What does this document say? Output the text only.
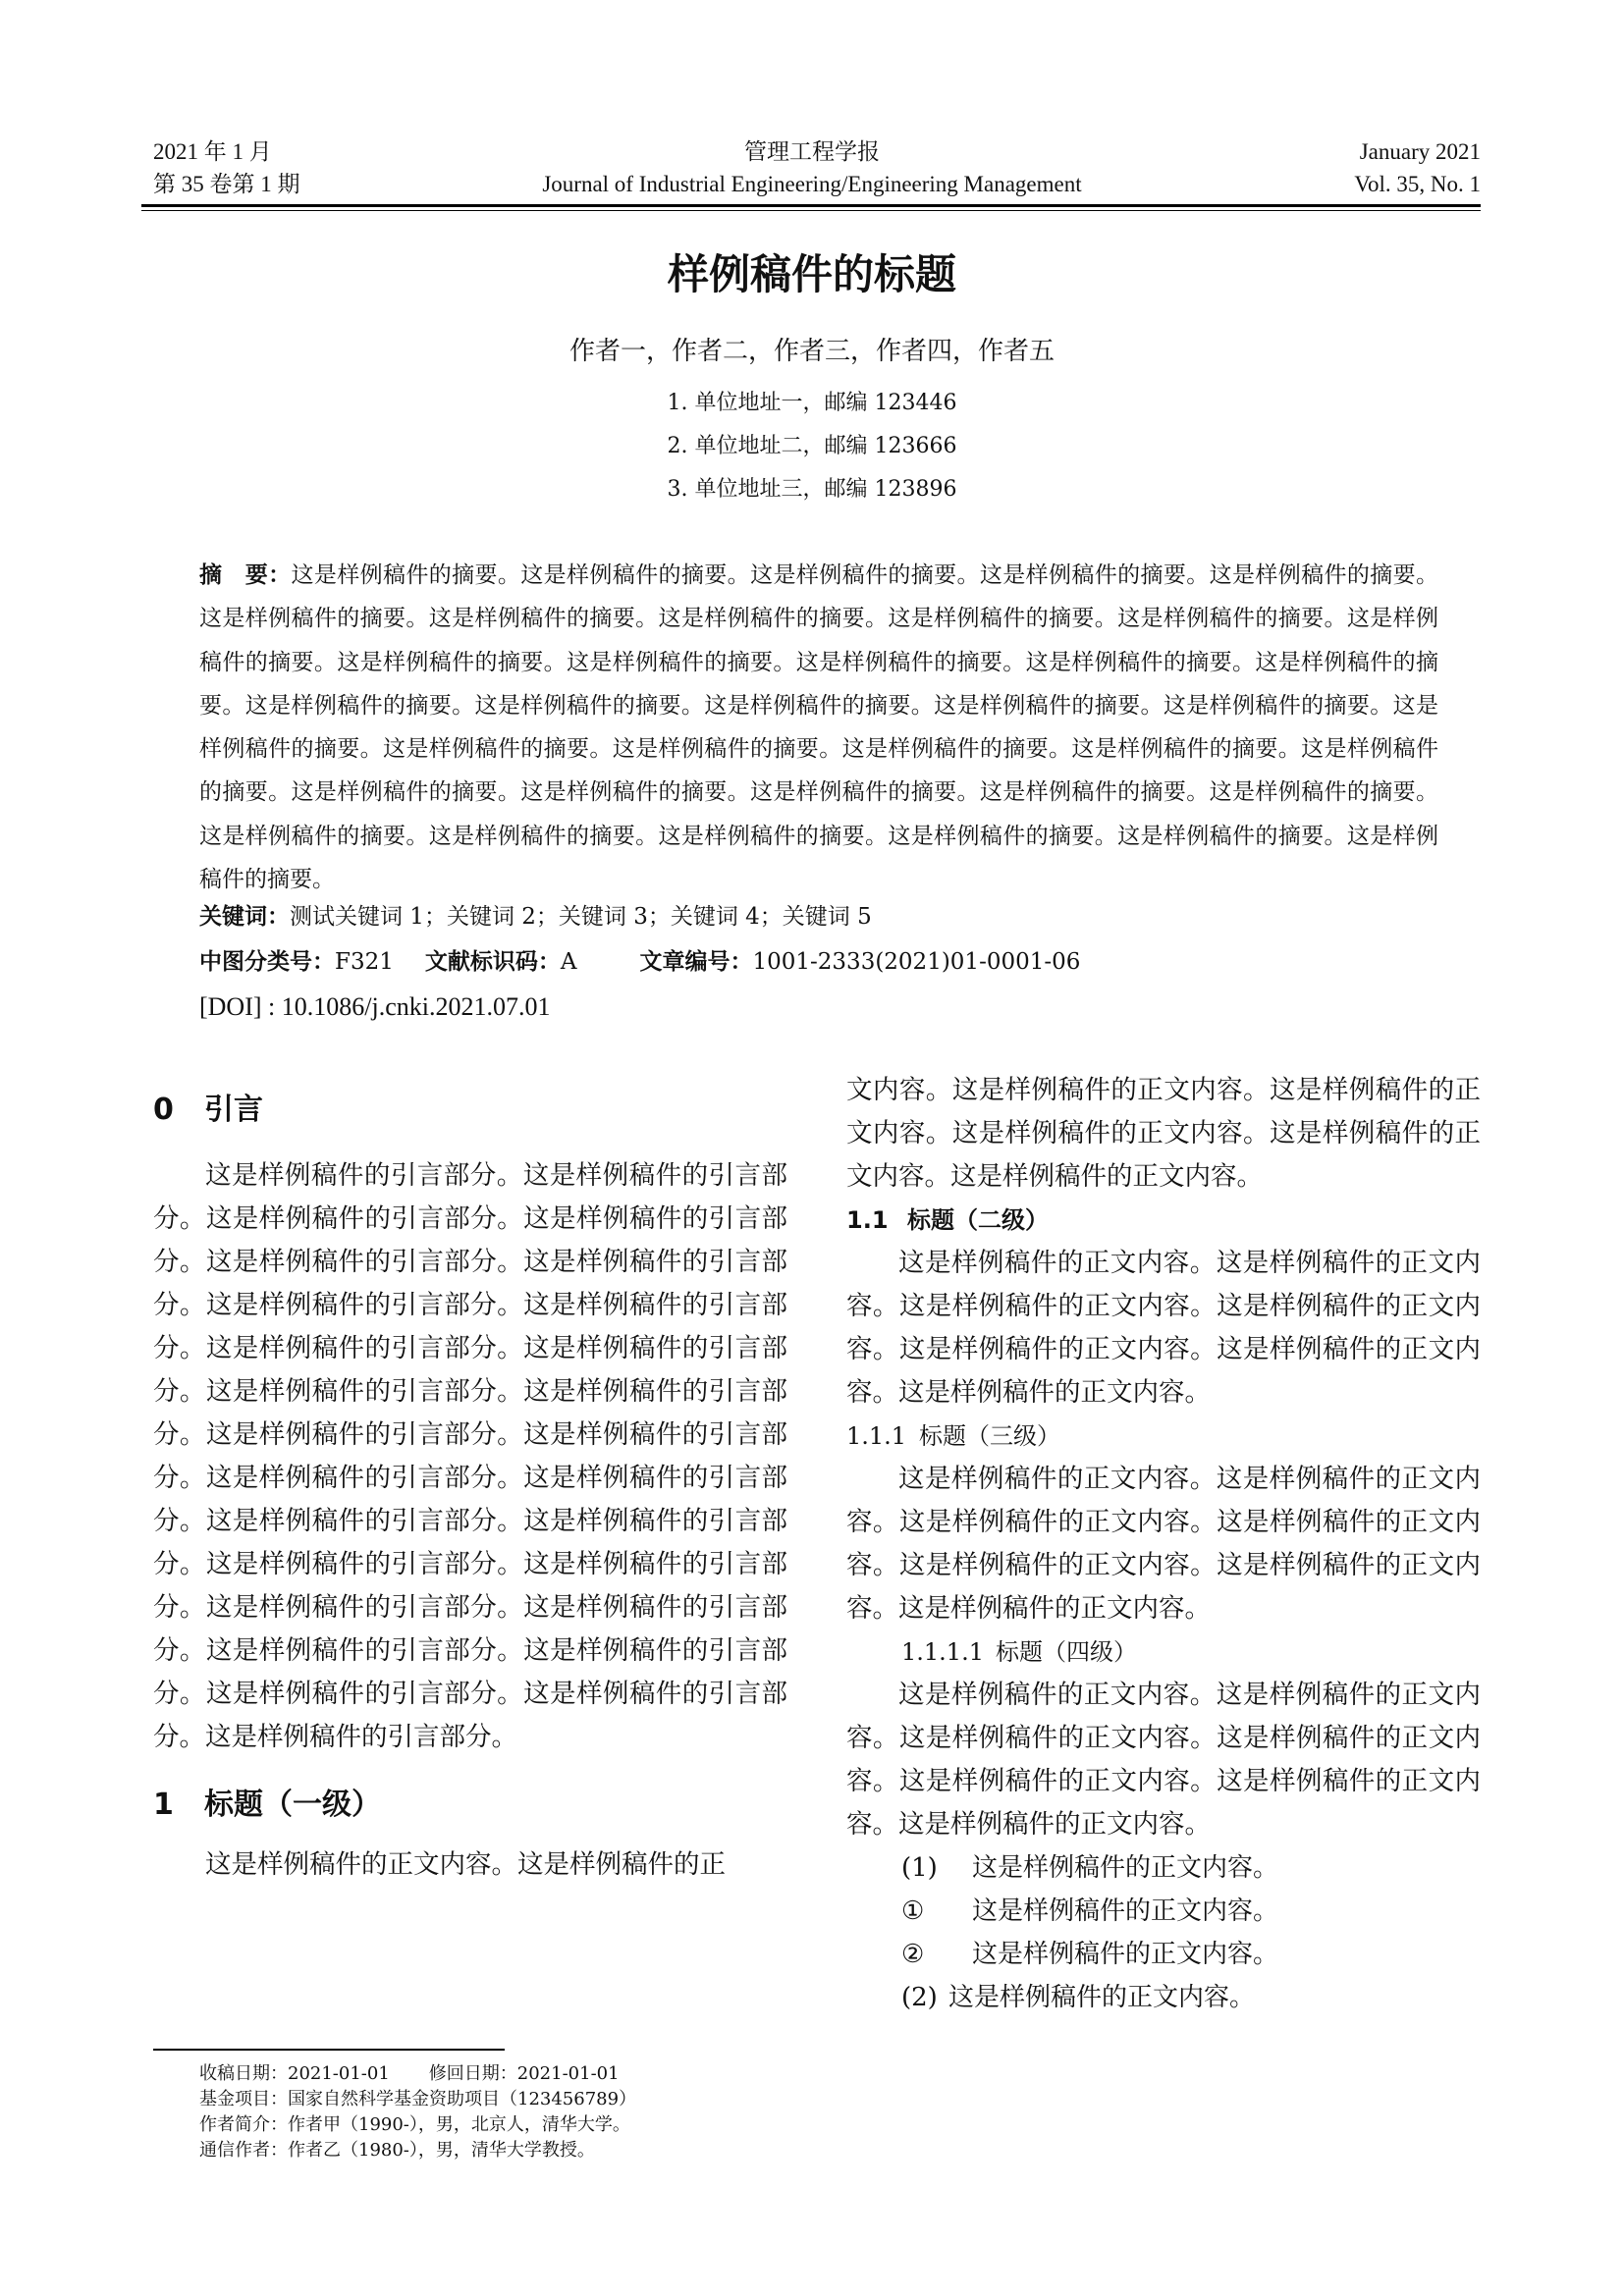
2021 年 1 月
第 35 卷第 1 期
管理工程学报
Journal of Industrial Engineering/Engineering Management
January 2021
Vol. 35, No. 1
样例稿件的标题
作者一，作者二，作者三，作者四，作者五
1. 单位地址一，邮编 123446
2. 单位地址二，邮编 123666
3. 单位地址三，邮编 123896
摘　要：这是样例稿件的摘要。这是样例稿件的摘要。这是样例稿件的摘要。这是样例稿件的摘要。这是样例稿件的摘要。这是样例稿件的摘要。这是样例稿件的摘要。这是样例稿件的摘要。这是样例稿件的摘要。这是样例稿件的摘要。这是样例稿件的摘要。这是样例稿件的摘要。这是样例稿件的摘要。这是样例稿件的摘要。这是样例稿件的摘要。这是样例稿件的摘要。这是样例稿件的摘要。这是样例稿件的摘要。这是样例稿件的摘要。这是样例稿件的摘要。这是样例稿件的摘要。这是样例稿件的摘要。这是样例稿件的摘要。这是样例稿件的摘要。这是样例稿件的摘要。这是样例稿件的摘要。这是样例稿件的摘要。这是样例稿件的摘要。这是样例稿件的摘要。这是样例稿件的摘要。这是样例稿件的摘要。这是样例稿件的摘要。这是样例稿件的摘要。这是样例稿件的摘要。这是样例稿件的摘要。这是样例稿件的摘要。这是样例稿件的摘要。这是样例稿件的摘要。
关键词：测试关键词 1；关键词 2；关键词 3；关键词 4；关键词 5
中图分类号：F321 文献标识码：A	文章编号：1001-2333(2021)01-0001-06
[DOI] : 10.1086/j.cnki.2021.07.01
0 引言

这是样例稿件的引言部分。这是样例稿件的引言部分。这是样例稿件的引言部分。这是样例稿件的引言部分。这是样例稿件的引言部分。这是样例稿件的引言部分。这是样例稿件的引言部分。这是样例稿件的引言部分。这是样例稿件的引言部分。这是样例稿件的引言部分。这是样例稿件的引言部分。这是样例稿件的引言部分。这是样例稿件的引言部分。这是样例稿件的引言部分。这是样例稿件的引言部分。这是样例稿件的引言部分。这是样例稿件的引言部分。这是样例稿件的引言部分。这是样例稿件的引言部分。这是样例稿件的引言部分。这是样例稿件的引言部分。这是样例稿件的引言部分。这是样例稿件的引言部分。这是样例稿件的引言部分。这是样例稿件的引言部分。这是样例稿件的引言部分。这是样例稿件的引言部分。

1 标题（一级）

这是样例稿件的正文内容。这是样例稿件的正

文内容。这是样例稿件的正文内容。这是样例稿件的正文内容。这是样例稿件的正文内容。这是样例稿件的正文内容。这是样例稿件的正文内容。

1.1 标题（二级）

这是样例稿件的正文内容。这是样例稿件的正文内容。这是样例稿件的正文内容。这是样例稿件的正文内容。这是样例稿件的正文内容。这是样例稿件的正文内容。这是样例稿件的正文内容。

1.1.1 标题（三级）

这是样例稿件的正文内容。这是样例稿件的正文内容。这是样例稿件的正文内容。这是样例稿件的正文内容。这是样例稿件的正文内容。这是样例稿件的正文内容。这是样例稿件的正文内容。

1.1.1.1 标题（四级）

这是样例稿件的正文内容。这是样例稿件的正文内容。这是样例稿件的正文内容。这是样例稿件的正文内容。这是样例稿件的正文内容。这是样例稿件的正文内容。这是样例稿件的正文内容。

(1) 这是样例稿件的正文内容。
① 这是样例稿件的正文内容。
② 这是样例稿件的正文内容。
(2) 这是样例稿件的正文内容。
收稿日期：2021-01-01 修回日期：2021-01-01
基金项目：国家自然科学基金资助项目（123456789）
作者简介：作者甲（1990-），男，北京人，清华大学。
通信作者：作者乙（1980-），男，清华大学教授。
